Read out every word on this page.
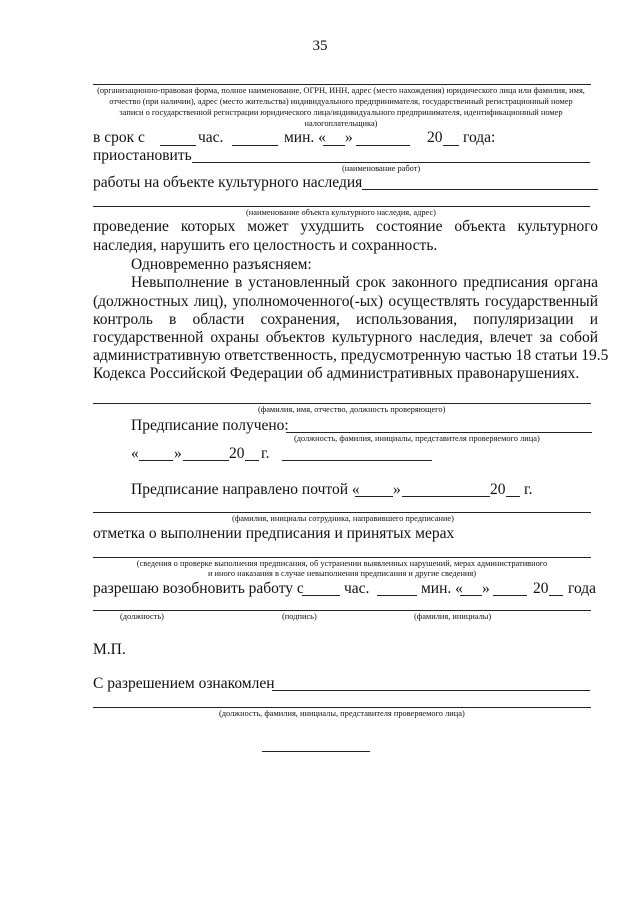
35
(организационно-правовая форма, полное наименование, ОГРН, ИНН, адрес (место нахождения) юридического лица или фамилия, имя,
отчество (при наличии), адрес (место жительства) индивидуального предпринимателя, государственный регистрационный номер
записи о государственной регистрации юридического лица/индивидуального предпринимателя, идентификационный номер
налогоплательщика)
в срок с	час.	мин. « »	20 года:
приостановить
(наименование работ)
работы на объекте культурного наследия
(наименование объекта культурного наследия, адрес)
проведение которых может ухудшить состояние объекта культурного
наследия, нарушить его целостность и сохранность.
Одновременно разъясняем:
Невыполнение в установленный срок законного предписания органа
(должностных лиц), уполномоченного(-ых) осуществлять государственный
контроль в области сохранения, использования, популяризации и
государственной охраны объектов культурного наследия, влечет за собой
административную ответственность, предусмотренную частью 18 статьи 19.5
Кодекса Российской Федерации об административных правонарушениях.
(фамилия, имя, отчество, должность проверяющего)
Предписание получено:
(должность, фамилия, инициалы, представителя проверяемого лица)
« »	20 г.
Предписание направлено почтой « »	20 г.
(фамилия, инициалы сотрудника, направившего предписание)
отметка о выполнении предписания и принятых мерах
(сведения о проверке выполнения предписания, об устранении выявленных нарушений, мерах административного
и иного наказания в случае невыполнения предписания и другие сведения)
разрешаю возобновить работу с	час.	мин. « »	20 года
(должность)	(подпись)	(фамилия, инициалы)
М.П.
С разрешением ознакомлен
(должность, фамилия, инициалы, представителя проверяемого лица)
